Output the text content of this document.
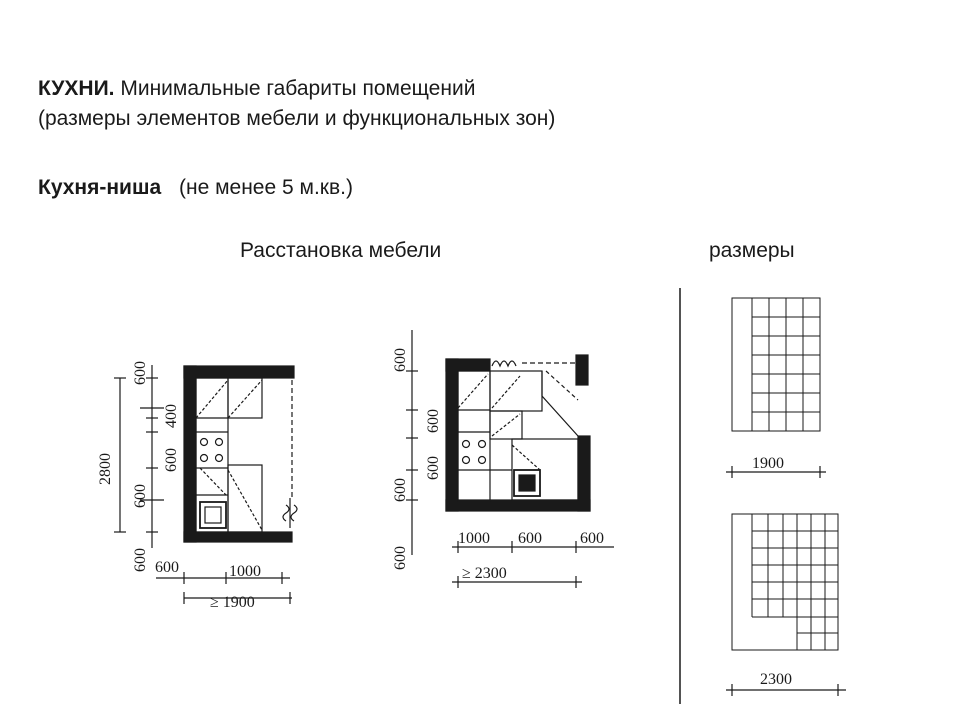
КУХНИ. Минимальные габариты помещений
(размеры элементов мебели и функциональных зон)
Кухня-ниша (не менее 5 м.кв.)
Расстановка мебели	размеры
600
400
600
600
600
2800
600	1000
≥ 1900
600
600
600
600
600
1000 600 600
≥ 2300
1900
2300
